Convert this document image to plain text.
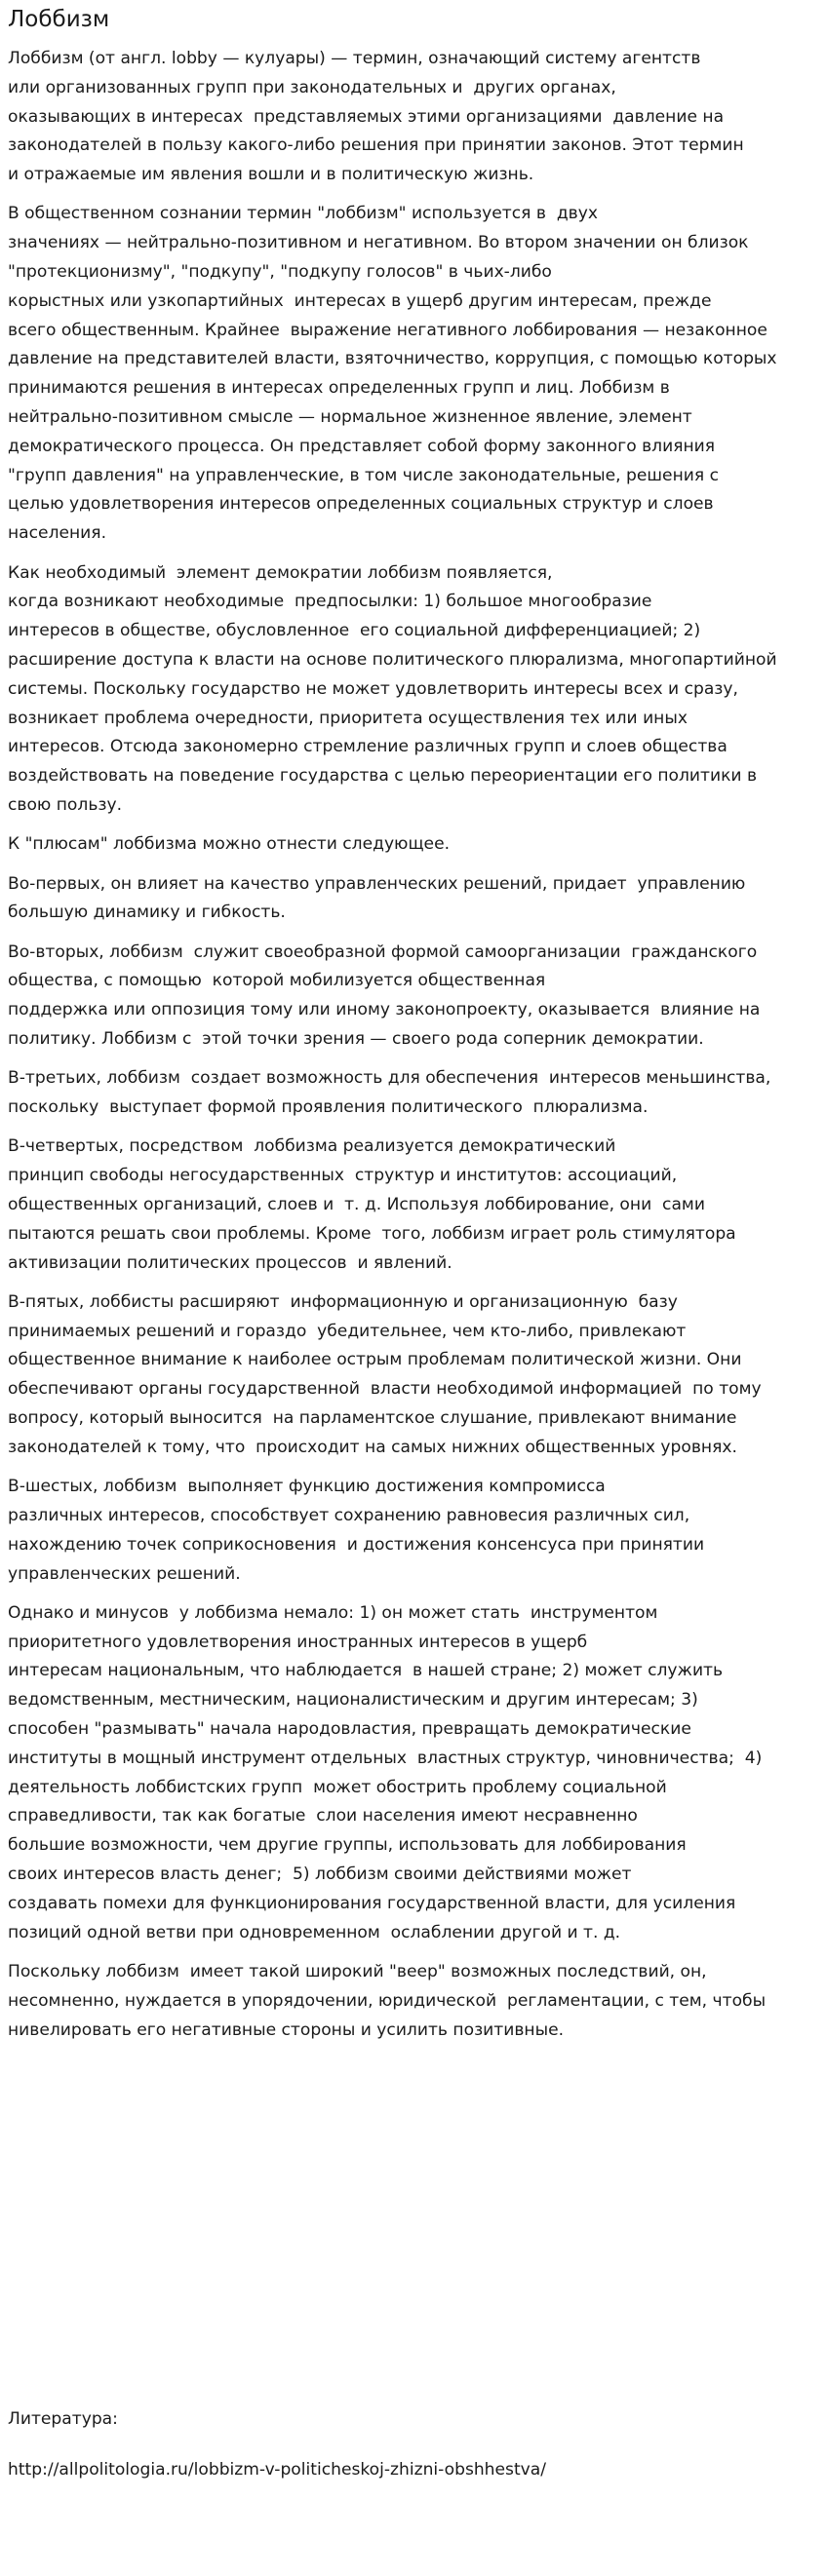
Лоббизм

Лоббизм (от англ. lobby — кулуары) — термин, означающий систему агентств
или организованных групп при законодательных и  других органах,
оказывающих в интересах  представляемых этими организациями  давление на
законодателей в пользу какого-либо решения при принятии законов. Этот термин
и отражаемые им явления вошли и в политическую жизнь.

В общественном сознании термин "лоббизм" используется в  двух
значениях — нейтрально-позитивном и негативном. Во втором значении он близок
"протекционизму", "подкупу", "подкупу голосов" в чьих-либо
корыстных или узкопартийных  интересах в ущерб другим интересам, прежде
всего общественным. Крайнее  выражение негативного лоббирования — незаконное
давление на представителей власти, взяточничество, коррупция, с помощью которых
принимаются решения в интересах определенных групп и лиц. Лоббизм в
нейтрально-позитивном смысле — нормальное жизненное явление, элемент
демократического процесса. Он представляет собой форму законного влияния
"групп давления" на управленческие, в том числе законодательные, решения с
целью удовлетворения интересов определенных социальных структур и слоев
населения.

Как необходимый  элемент демократии лоббизм появляется,
когда возникают необходимые  предпосылки: 1) большое многообразие
интересов в обществе, обусловленное  его социальной дифференциацией; 2)
расширение доступа к власти на основе политического плюрализма, многопартийной
системы. Поскольку государство не может удовлетворить интересы всех и сразу,
возникает проблема очередности, приоритета осуществления тех или иных
интересов. Отсюда закономерно стремление различных групп и слоев общества
воздействовать на поведение государства с целью переориентации его политики в
свою пользу.

К "плюсам" лоббизма можно отнести следующее.

Во-первых, он влияет на качество управленческих решений, придает  управлению
большую динамику и гибкость.

Во-вторых, лоббизм  служит своеобразной формой самоорганизации  гражданского
общества, с помощью  которой мобилизуется общественная
поддержка или оппозиция тому или иному законопроекту, оказывается  влияние на
политику. Лоббизм с  этой точки зрения — своего рода соперник демократии.

В-третьих, лоббизм  создает возможность для обеспечения  интересов меньшинства,
поскольку  выступает формой проявления политического  плюрализма.

В-четвертых, посредством  лоббизма реализуется демократический
принцип свободы негосударственных  структур и институтов: ассоциаций,
общественных организаций, слоев и  т. д. Используя лоббирование, они  сами
пытаются решать свои проблемы. Кроме  того, лоббизм играет роль стимулятора
активизации политических процессов  и явлений.

В-пятых, лоббисты расширяют  информационную и организационную  базу
принимаемых решений и гораздо  убедительнее, чем кто-либо, привлекают
общественное внимание к наиболее острым проблемам политической жизни. Они
обеспечивают органы государственной  власти необходимой информацией  по тому
вопросу, который выносится  на парламентское слушание, привлекают внимание
законодателей к тому, что  происходит на самых нижних общественных уровнях.

В-шестых, лоббизм  выполняет функцию достижения компромисса
различных интересов, способствует сохранению равновесия различных сил,
нахождению точек соприкосновения  и достижения консенсуса при принятии
управленческих решений.

Однако и минусов  у лоббизма немало: 1) он может стать  инструментом
приоритетного удовлетворения иностранных интересов в ущерб
интересам национальным, что наблюдается  в нашей стране; 2) может служить
ведомственным, местническим, националистическим и другим интересам; 3)
способен "размывать" начала народовластия, превращать демократические
институты в мощный инструмент отдельных  властных структур, чиновничества;  4)
деятельность лоббистских групп  может обострить проблему социальной
справедливости, так как богатые  слои населения имеют несравненно
большие возможности, чем другие группы, использовать для лоббирования
своих интересов власть денег;  5) лоббизм своими действиями может
создавать помехи для функционирования государственной власти, для усиления
позиций одной ветви при одновременном  ослаблении другой и т. д.

Поскольку лоббизм  имеет такой широкий "веер" возможных последствий, он,
несомненно, нуждается в упорядочении, юридической  регламентации, с тем, чтобы
нивелировать его негативные стороны и усилить позитивные.

Литература:

http://allpolitologia.ru/lobbizm-v-politicheskoj-zhizni-obshhestva/
